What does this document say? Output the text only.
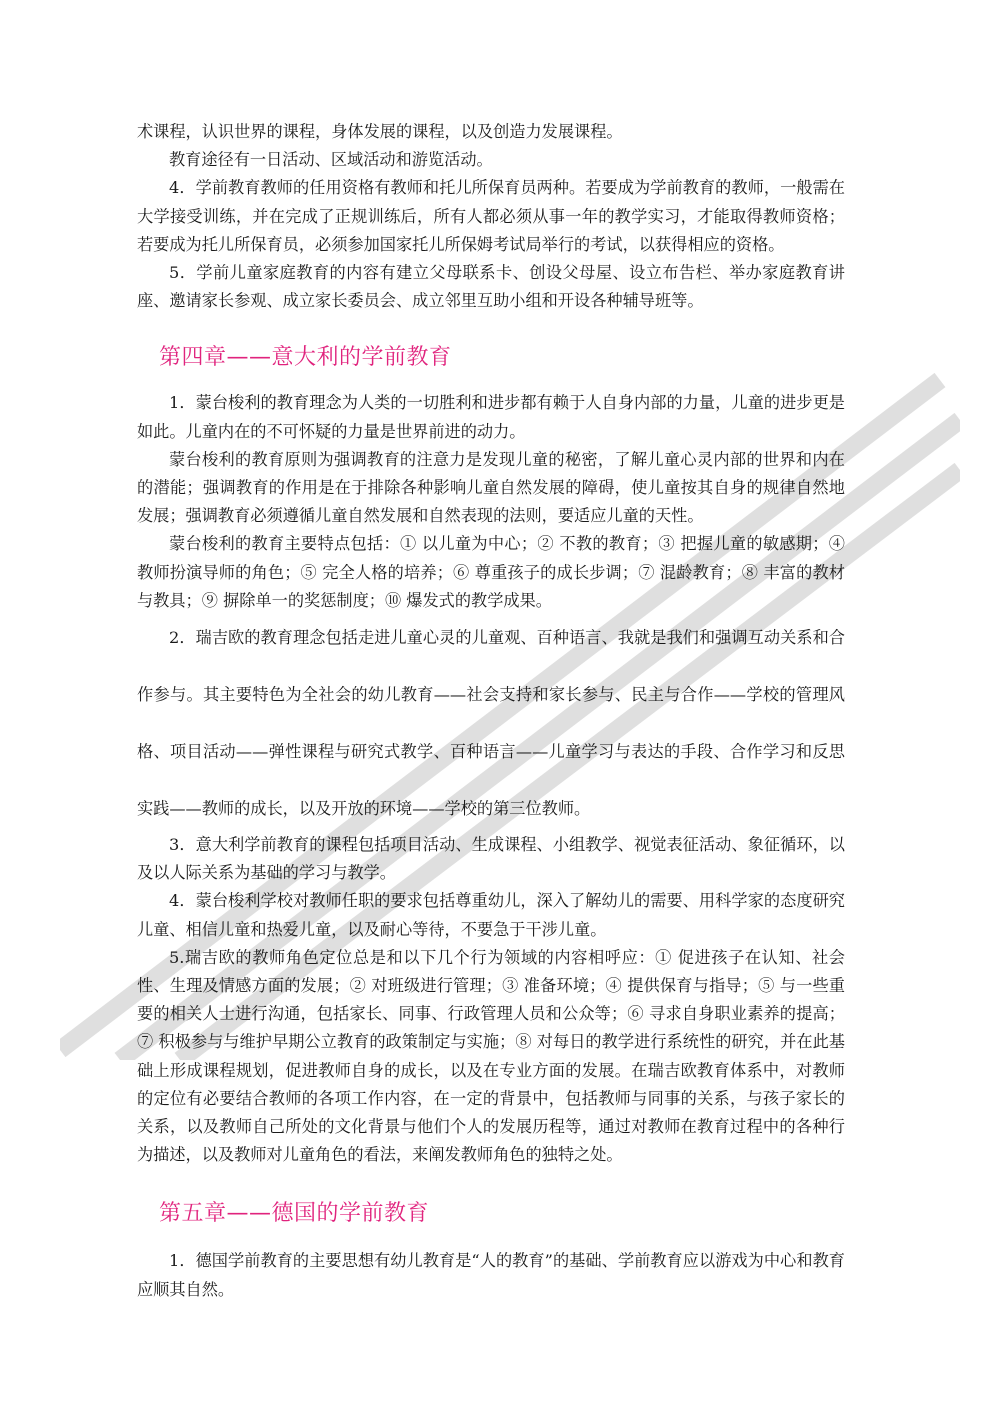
术课程，认识世界的课程，身体发展的课程，以及创造力发展课程。

教育途径有一日活动、区域活动和游览活动。

4．学前教育教师的任用资格有教师和托儿所保育员两种。若要成为学前教育的教师，一般需在大学接受训练，并在完成了正规训练后，所有人都必须从事一年的教学实习，才能取得教师资格；若要成为托儿所保育员，必须参加国家托儿所保姆考试局举行的考试，以获得相应的资格。

5．学前儿童家庭教育的内容有建立父母联系卡、创设父母屋、设立布告栏、举办家庭教育讲座、邀请家长参观、成立家长委员会、成立邻里互助小组和开设各种辅导班等。

第四章——意大利的学前教育

1．蒙台梭利的教育理念为人类的一切胜利和进步都有赖于人自身内部的力量，儿童的进步更是如此。儿童内在的不可怀疑的力量是世界前进的动力。

蒙台梭利的教育原则为强调教育的注意力是发现儿童的秘密，了解儿童心灵内部的世界和内在的潜能；强调教育的作用是在于排除各种影响儿童自然发展的障碍，使儿童按其自身的规律自然地发展；强调教育必须遵循儿童自然发展和自然表现的法则，要适应儿童的天性。

蒙台梭利的教育主要特点包括：① 以儿童为中心；② 不教的教育；③ 把握儿童的敏感期；④ 教师扮演导师的角色；⑤ 完全人格的培养；⑥ 尊重孩子的成长步调；⑦ 混龄教育；⑧ 丰富的教材与教具；⑨ 摒除单一的奖惩制度；⑩ 爆发式的教学成果。

2．瑞吉欧的教育理念包括走进儿童心灵的儿童观、百种语言、我就是我们和强调互动关系和合作参与。其主要特色为全社会的幼儿教育——社会支持和家长参与、民主与合作——学校的管理风格、项目活动——弹性课程与研究式教学、百种语言——儿童学习与表达的手段、合作学习和反思实践——教师的成长，以及开放的环境——学校的第三位教师。

3．意大利学前教育的课程包括项目活动、生成课程、小组教学、视觉表征活动、象征循环，以及以人际关系为基础的学习与教学。

4．蒙台梭利学校对教师任职的要求包括尊重幼儿，深入了解幼儿的需要、用科学家的态度研究儿童、相信儿童和热爱儿童，以及耐心等待，不要急于干涉儿童。

5.瑞吉欧的教师角色定位总是和以下几个行为领域的内容相呼应：① 促进孩子在认知、社会性、生理及情感方面的发展；② 对班级进行管理；③ 准备环境；④ 提供保育与指导；⑤ 与一些重要的相关人士进行沟通，包括家长、同事、行政管理人员和公众等；⑥ 寻求自身职业素养的提高；⑦ 积极参与与维护早期公立教育的政策制定与实施；⑧ 对每日的教学进行系统性的研究，并在此基础上形成课程规划，促进教师自身的成长，以及在专业方面的发展。在瑞吉欧教育体系中，对教师的定位有必要结合教师的各项工作内容，在一定的背景中，包括教师与同事的关系，与孩子家长的关系，以及教师自己所处的文化背景与他们个人的发展历程等，通过对教师在教育过程中的各种行为描述，以及教师对儿童角色的看法，来阐发教师角色的独特之处。

第五章——德国的学前教育

1．德国学前教育的主要思想有幼儿教育是“人的教育”的基础、学前教育应以游戏为中心和教育应顺其自然。
